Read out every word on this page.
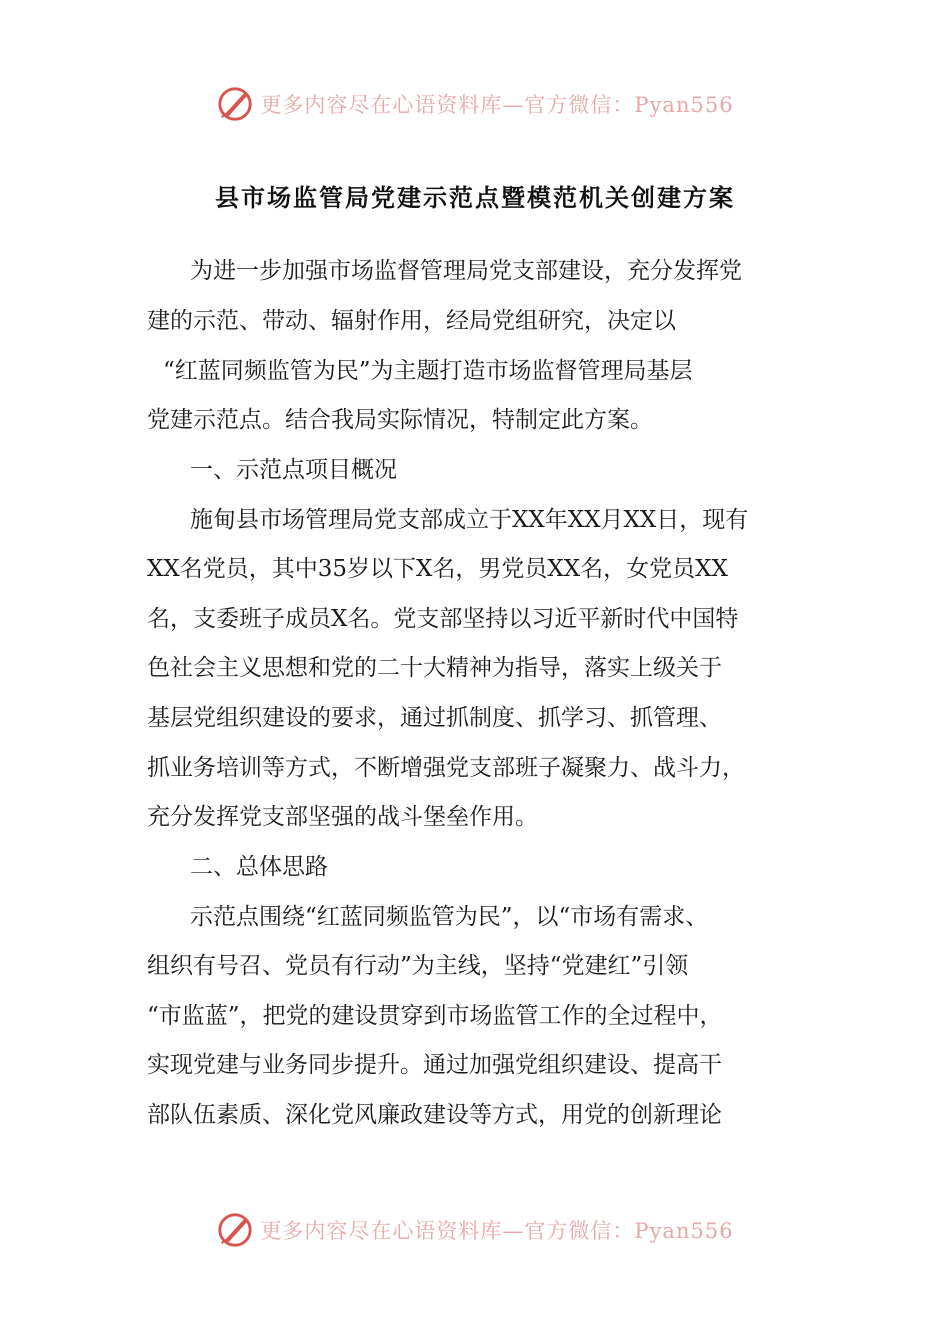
更多内容尽在心语资料库—官方微信：Pyan556
县市场监管局党建示范点暨模范机关创建方案
为进一步加强市场监督管理局党支部建设，充分发挥党
建的示范、带动、辐射作用，经局党组研究，决定以
“红蓝同频监管为民”为主题打造市场监督管理局基层
党建示范点。结合我局实际情况，特制定此方案。
一、示范点项目概况
施甸县市场管理局党支部成立于XX年XX月XX日，现有
XX名党员，其中35岁以下X名，男党员XX名，女党员XX
名，支委班子成员X名。党支部坚持以习近平新时代中国特
色社会主义思想和党的二十大精神为指导，落实上级关于
基层党组织建设的要求，通过抓制度、抓学习、抓管理、
抓业务培训等方式，不断增强党支部班子凝聚力、战斗力，
充分发挥党支部坚强的战斗堡垒作用。
二、总体思路
示范点围绕“红蓝同频监管为民”，以“市场有需求、
组织有号召、党员有行动”为主线，坚持“党建红”引领
“市监蓝”，把党的建设贯穿到市场监管工作的全过程中，
实现党建与业务同步提升。通过加强党组织建设、提高干
部队伍素质、深化党风廉政建设等方式，用党的创新理论
更多内容尽在心语资料库—官方微信：Pyan556
